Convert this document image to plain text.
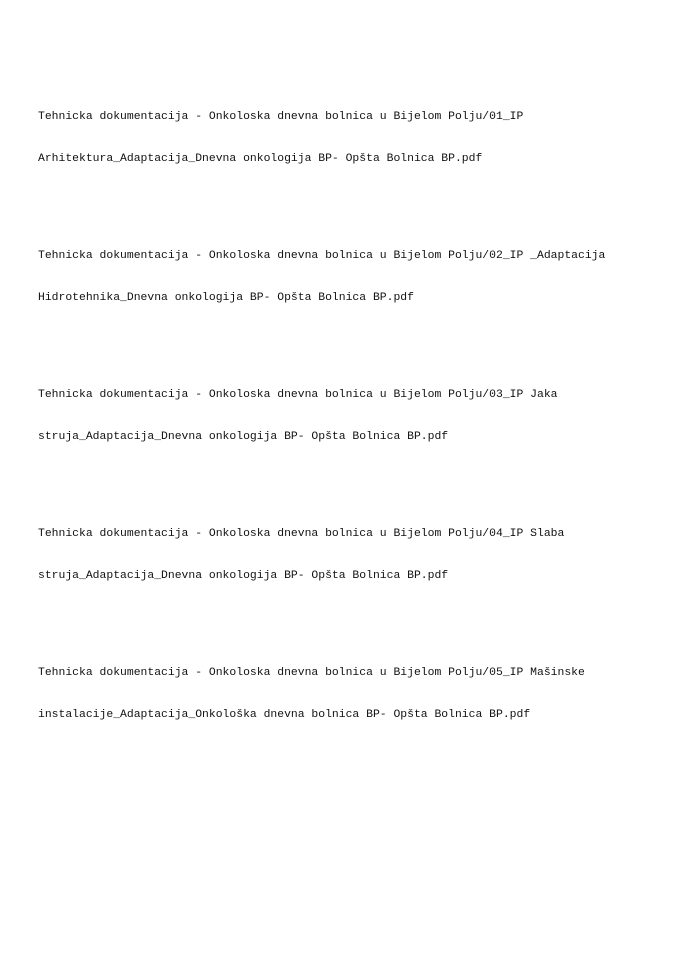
Tehnicka dokumentacija - Onkoloska dnevna bolnica u Bijelom Polju/01_IP

Arhitektura_Adaptacija_Dnevna onkologija BP- Opšta Bolnica BP.pdf

Tehnicka dokumentacija - Onkoloska dnevna bolnica u Bijelom Polju/02_IP _Adaptacija

Hidrotehnika_Dnevna onkologija BP- Opšta Bolnica BP.pdf

Tehnicka dokumentacija - Onkoloska dnevna bolnica u Bijelom Polju/03_IP Jaka

struja_Adaptacija_Dnevna onkologija BP- Opšta Bolnica BP.pdf

Tehnicka dokumentacija - Onkoloska dnevna bolnica u Bijelom Polju/04_IP Slaba

struja_Adaptacija_Dnevna onkologija BP- Opšta Bolnica BP.pdf

Tehnicka dokumentacija - Onkoloska dnevna bolnica u Bijelom Polju/05_IP Mašinske

instalacije_Adaptacija_Onkološka dnevna bolnica BP- Opšta Bolnica BP.pdf
